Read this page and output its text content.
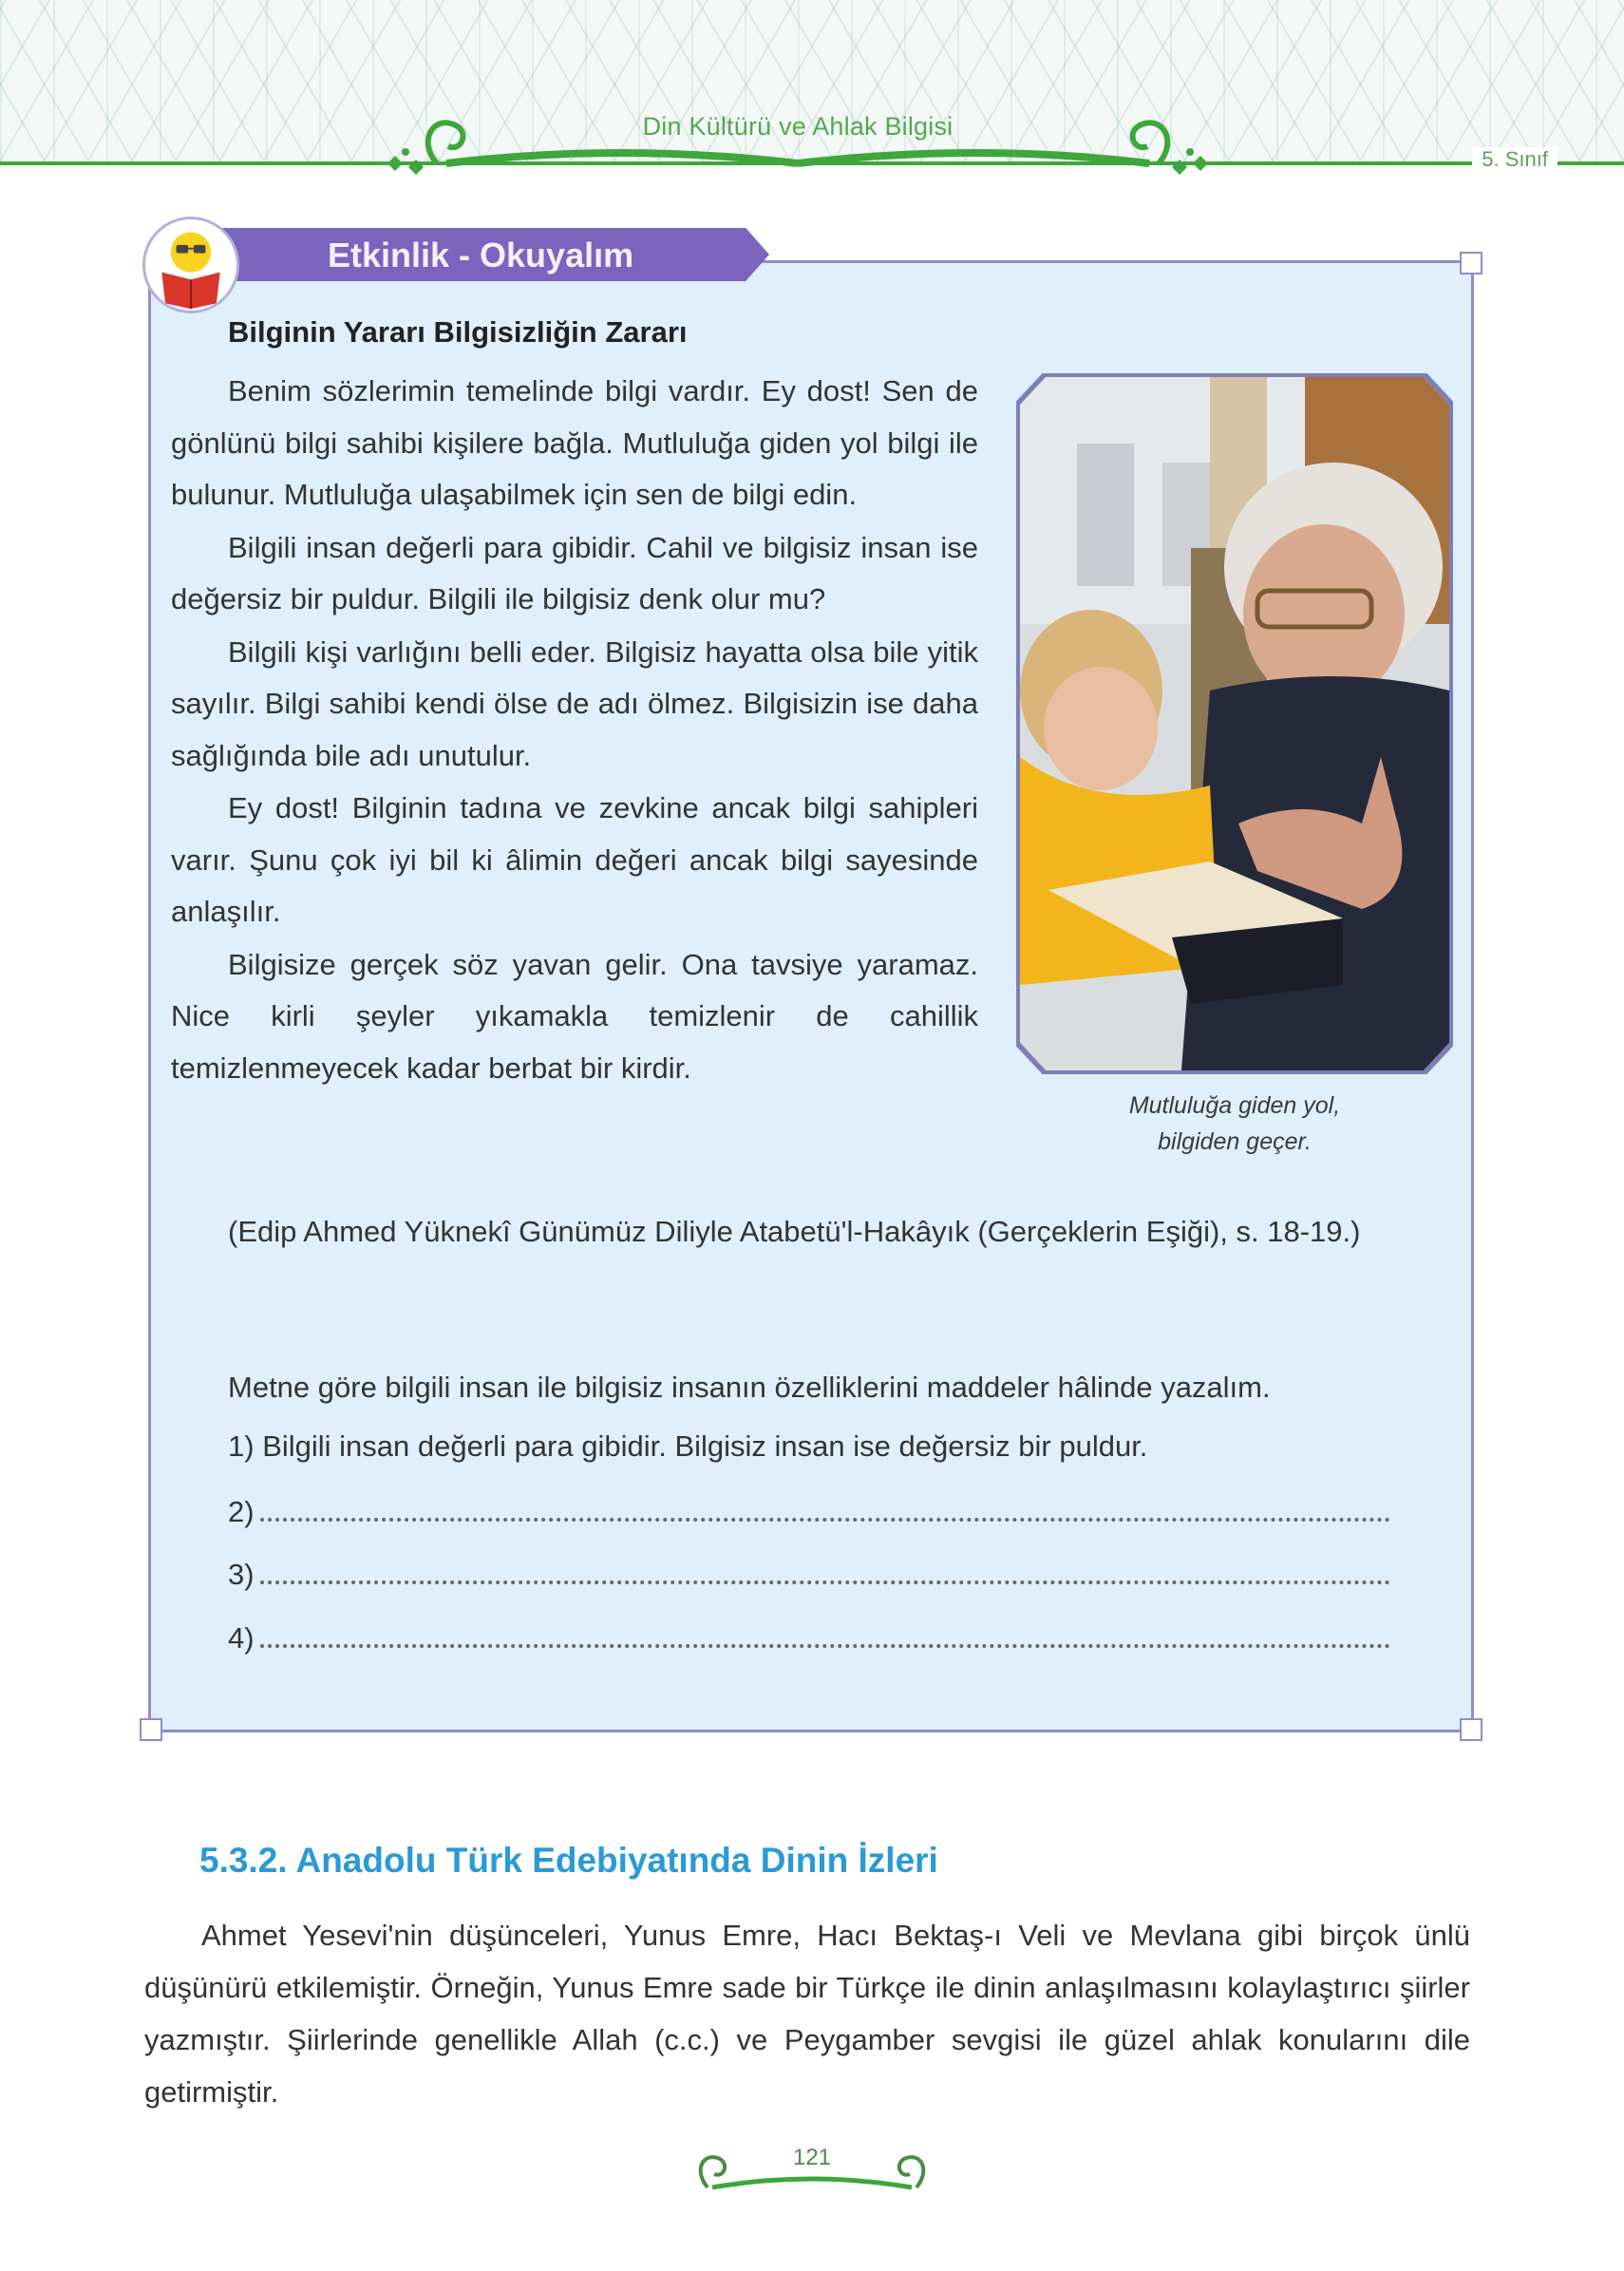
Din Kültürü ve Ahlak Bilgisi
5. Sınıf
Etkinlik - Okuyalım
Bilginin Yararı Bilgisizliğin Zararı

Benim sözlerimin temelinde bilgi vardır. Ey dost! Sen de gönlünü bilgi sahibi kişilere bağla. Mutluluğa giden yol bilgi ile bulunur. Mutluluğa ulaşabilmek için sen de bilgi edin.

Bilgili insan değerli para gibidir. Cahil ve bilgisiz insan ise değersiz bir puldur. Bilgili ile bilgisiz denk olur mu?

Bilgili kişi varlığını belli eder. Bilgisiz hayatta olsa bile yitik sayılır. Bilgi sahibi kendi ölse de adı ölmez. Bilgisizin ise daha sağlığında bile adı unutulur.

Ey dost! Bilginin tadına ve zevkine ancak bilgi sahipleri varır. Şunu çok iyi bil ki âlimin değeri ancak bilgi sayesinde anlaşılır.

Bilgisize gerçek söz yavan gelir. Ona tavsiye yaramaz. Nice kirli şeyler yıkamakla temizlenir de cahillik temizlenmeyecek kadar berbat bir kirdir.

Mutluluğa giden yol,
bilgiden geçer.

(Edip Ahmed Yüknekî Günümüz Diliyle Atabetü'l-Hakâyık (Gerçeklerin Eşiği), s. 18-19.)

Metne göre bilgili insan ile bilgisiz insanın özelliklerini maddeler hâlinde yazalım.
1) Bilgili insan değerli para gibidir. Bilgisiz insan ise değersiz bir puldur.
2)
3)
4)
5.3.2. Anadolu Türk Edebiyatında Dinin İzleri

Ahmet Yesevi'nin düşünceleri, Yunus Emre, Hacı Bektaş-ı Veli ve Mevlana gibi birçok ünlü düşünürü etkilemiştir. Örneğin, Yunus Emre sade bir Türkçe ile dinin anlaşılmasını kolaylaştırıcı şiirler yazmıştır. Şiirlerinde genellikle Allah (c.c.) ve Peygamber sevgisi ile güzel ahlak konularını dile getirmiştir.

121
